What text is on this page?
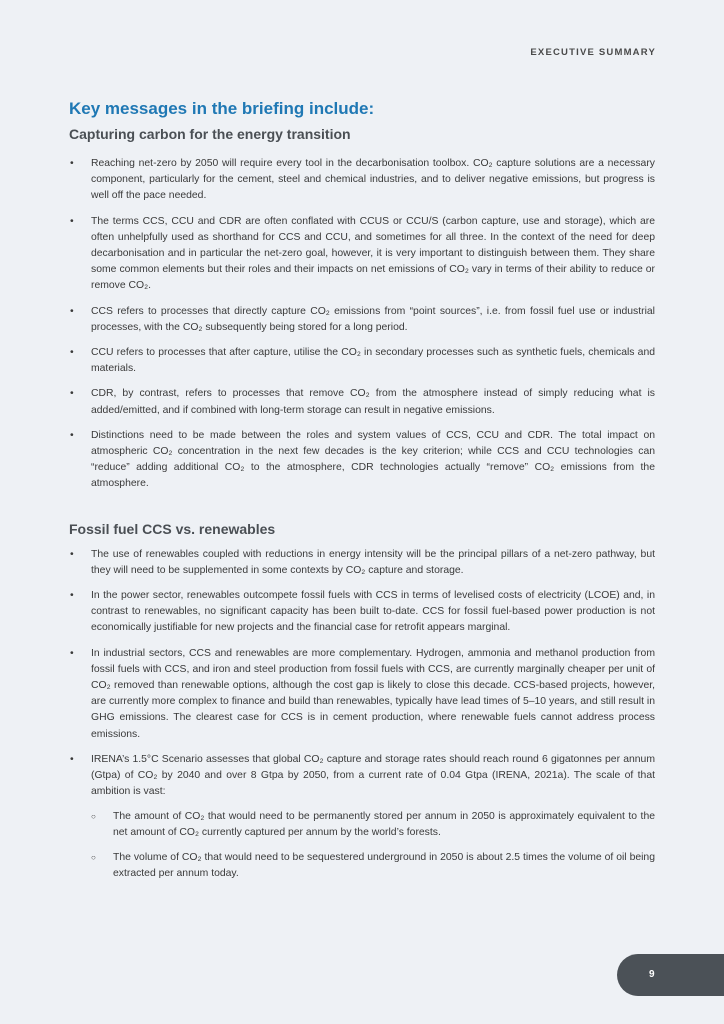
EXECUTIVE SUMMARY
Key messages in the briefing include:
Capturing carbon for the energy transition
• Reaching net-zero by 2050 will require every tool in the decarbonisation toolbox. CO₂ capture solutions are a necessary component, particularly for the cement, steel and chemical industries, and to deliver negative emissions, but progress is well off the pace needed.
• The terms CCS, CCU and CDR are often conflated with CCUS or CCU/S (carbon capture, use and storage), which are often unhelpfully used as shorthand for CCS and CCU, and sometimes for all three. In the context of the need for deep decarbonisation and in particular the net-zero goal, however, it is very important to distinguish between them. They share some common elements but their roles and their impacts on net emissions of CO₂ vary in terms of their ability to reduce or remove CO₂.
• CCS refers to processes that directly capture CO₂ emissions from “point sources”, i.e. from fossil fuel use or industrial processes, with the CO₂ subsequently being stored for a long period.
• CCU refers to processes that after capture, utilise the CO₂ in secondary processes such as synthetic fuels, chemicals and materials.
• CDR, by contrast, refers to processes that remove CO₂ from the atmosphere instead of simply reducing what is added/emitted, and if combined with long-term storage can result in negative emissions.
• Distinctions need to be made between the roles and system values of CCS, CCU and CDR. The total impact on atmospheric CO₂ concentration in the next few decades is the key criterion; while CCS and CCU technologies can “reduce” adding additional CO₂ to the atmosphere, CDR technologies actually “remove” CO₂ emissions from the atmosphere.
Fossil fuel CCS vs. renewables
• The use of renewables coupled with reductions in energy intensity will be the principal pillars of a net-zero pathway, but they will need to be supplemented in some contexts by CO₂ capture and storage.
• In the power sector, renewables outcompete fossil fuels with CCS in terms of levelised costs of electricity (LCOE) and, in contrast to renewables, no significant capacity has been built to-date. CCS for fossil fuel-based power production is not economically justifiable for new projects and the financial case for retrofit appears marginal.
• In industrial sectors, CCS and renewables are more complementary. Hydrogen, ammonia and methanol production from fossil fuels with CCS, and iron and steel production from fossil fuels with CCS, are currently marginally cheaper per unit of CO₂ removed than renewable options, although the cost gap is likely to close this decade. CCS-based projects, however, are currently more complex to finance and build than renewables, typically have lead times of 5–10 years, and still result in GHG emissions. The clearest case for CCS is in cement production, where renewable fuels cannot address process emissions.
• IRENA’s 1.5°C Scenario assesses that global CO₂ capture and storage rates should reach round 6 gigatonnes per annum (Gtpa) of CO₂ by 2040 and over 8 Gtpa by 2050, from a current rate of 0.04 Gtpa (IRENA, 2021a). The scale of that ambition is vast:
○ The amount of CO₂ that would need to be permanently stored per annum in 2050 is approximately equivalent to the net amount of CO₂ currently captured per annum by the world’s forests.
○ The volume of CO₂ that would need to be sequestered underground in 2050 is about 2.5 times the volume of oil being extracted per annum today.
9
